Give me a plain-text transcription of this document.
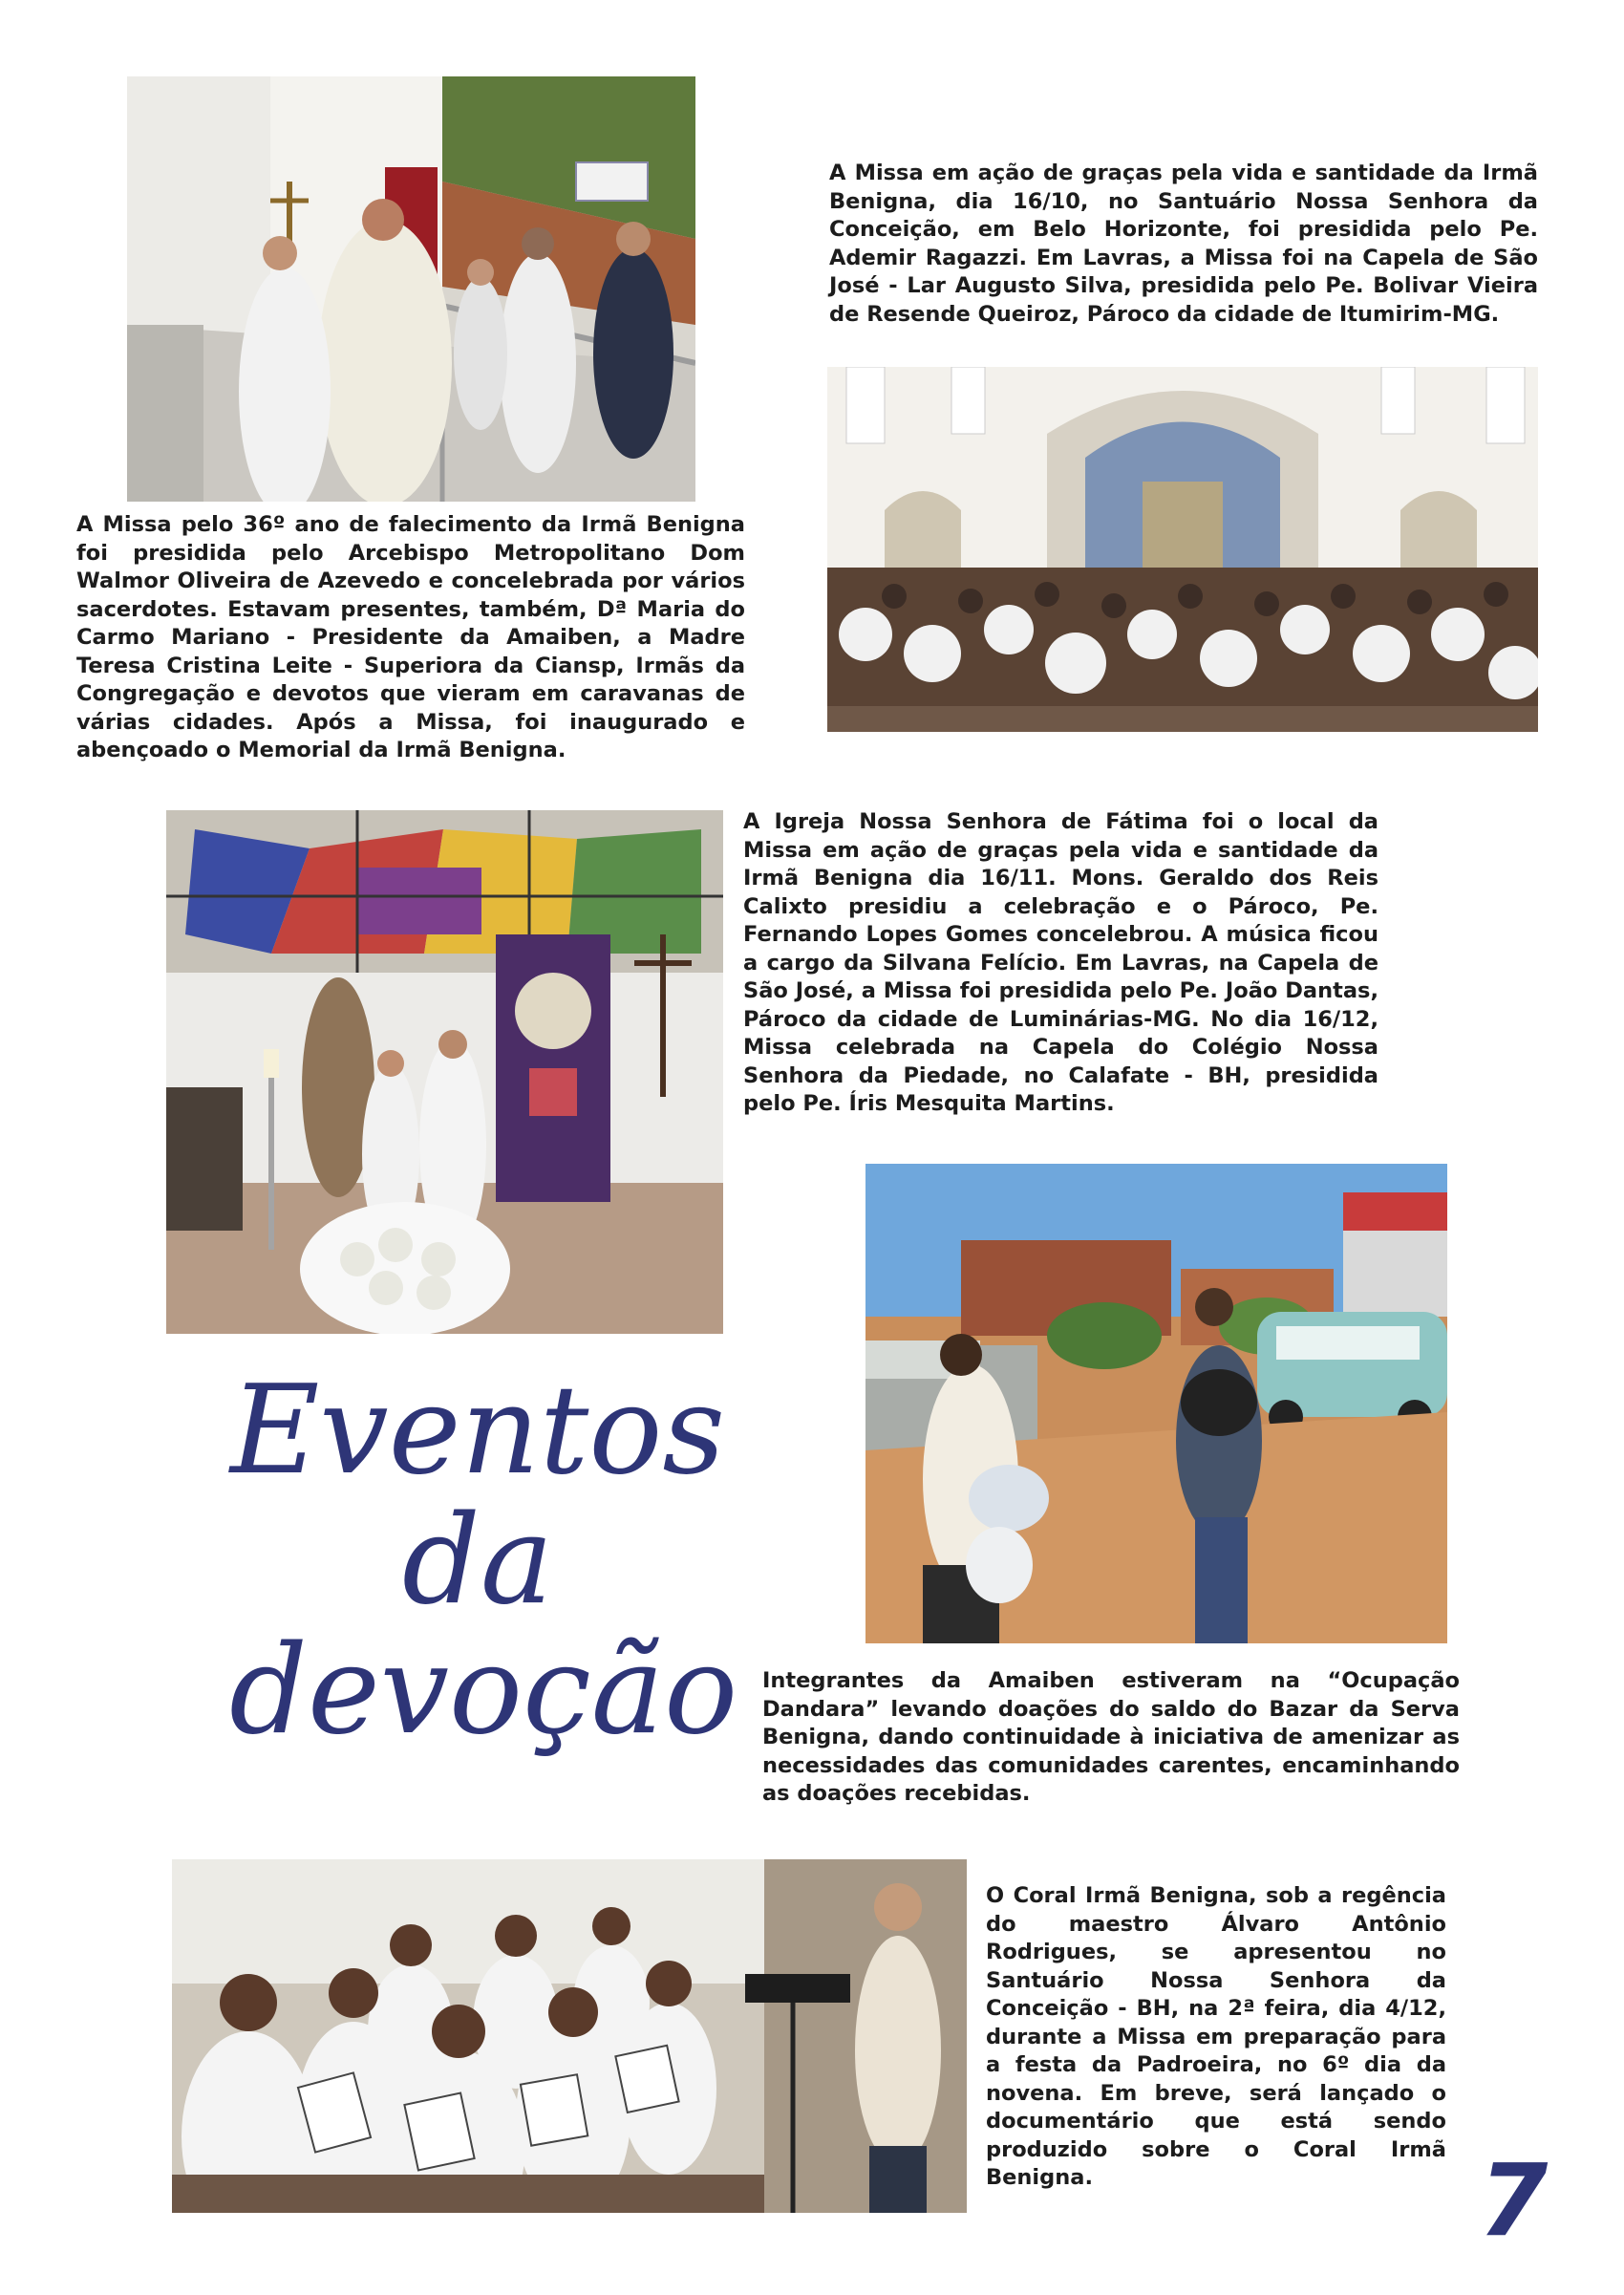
A Missa em ação de graças pela vida e santidade da Irmã Benigna, dia 16/10, no Santuário Nossa Senhora da Conceição, em Belo Horizonte, foi presidida pelo Pe. Ademir Ragazzi. Em Lavras, a Missa foi na Capela de São José - Lar Augusto Silva, presidida pelo Pe. Bolivar Vieira de Resende Queiroz, Pároco da cidade de Itumirim-MG.
A Missa pelo 36º ano de falecimento da Irmã Benigna foi presidida pelo Arcebispo Metropolitano Dom Walmor Oliveira de Azevedo e concelebrada por vários sacerdotes. Estavam presentes, também, Dª Maria do Carmo Mariano - Presidente da Amaiben, a Madre Teresa Cristina Leite - Superiora da Ciansp, Irmãs da Congregação e devotos que vieram em caravanas de várias cidades. Após a Missa, foi inaugurado e abençoado o Memorial da Irmã Benigna.
A Igreja Nossa Senhora de Fátima foi o local da Missa em ação de graças pela vida e santidade da Irmã Benigna dia 16/11. Mons. Geraldo dos Reis Calixto presidiu a celebração e o Pároco, Pe. Fernando Lopes Gomes concelebrou. A música ficou a cargo da Silvana Felício. Em Lavras, na Capela de São José, a Missa foi presidida pelo Pe. João Dantas, Pároco da cidade de Luminárias-MG. No dia 16/12, Missa celebrada na Capela do Colégio Nossa Senhora da Piedade, no Calafate - BH, presidida pelo Pe. Íris Mesquita Martins.
Integrantes da Amaiben estiveram na “Ocupação Dandara” levando doações do saldo do Bazar da Serva Benigna, dando continuidade à iniciativa de amenizar as necessidades das comunidades carentes, encaminhando as doações recebidas.
O Coral Irmã Benigna, sob a regência do maestro Álvaro Antônio Rodrigues, se apresentou no Santuário Nossa Senhora da Conceição - BH, na 2ª feira, dia 4/12, durante a Missa em preparação para a festa da Padroeira, no 6º dia da novena. Em breve, será lançado o documentário que está sendo produzido sobre o Coral Irmã Benigna.
Eventos
da
devoção
7
